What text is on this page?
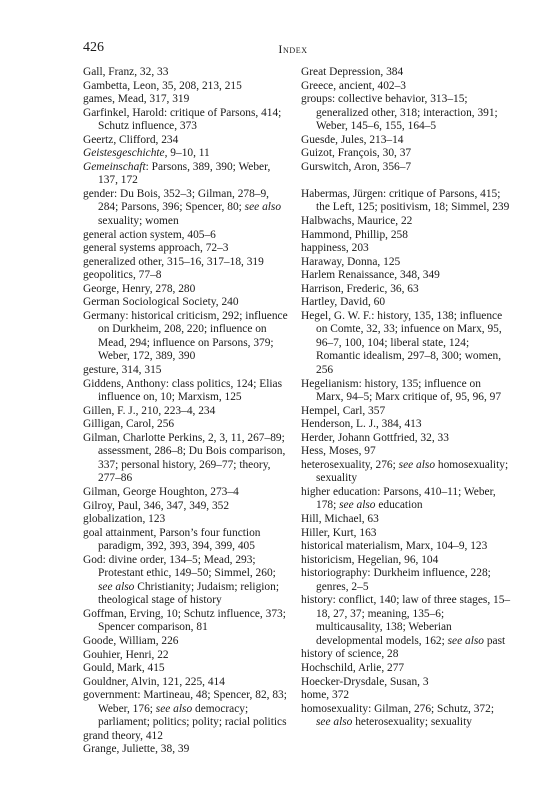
426	Index

Gall, Franz, 32, 33

Gambetta, Leon, 35, 208, 213, 215

games, Mead, 317, 319

Garfinkel, Harold: critique of Parsons, 414; Schutz influence, 373

Geertz, Clifford, 234

Geistesgeschichte, 9–10, 11

Gemeinschaft: Parsons, 389, 390; Weber, 137, 172

gender: Du Bois, 352–3; Gilman, 278–9, 284; Parsons, 396; Spencer, 80; see also sexuality; women

general action system, 405–6

general systems approach, 72–3

generalized other, 315–16, 317–18, 319

geopolitics, 77–8

George, Henry, 278, 280

German Sociological Society, 240

Germany: historical criticism, 292; influence on Durkheim, 208, 220; influence on Mead, 294; influence on Parsons, 379; Weber, 172, 389, 390

gesture, 314, 315

Giddens, Anthony: class politics, 124; Elias influence on, 10; Marxism, 125

Gillen, F. J., 210, 223–4, 234

Gilligan, Carol, 256

Gilman, Charlotte Perkins, 2, 3, 11, 267–89; assessment, 286–8; Du Bois comparison, 337; personal history, 269–77; theory, 277–86

Gilman, George Houghton, 273–4

Gilroy, Paul, 346, 347, 349, 352

globalization, 123

goal attainment, Parson’s four function paradigm, 392, 393, 394, 399, 405

God: divine order, 134–5; Mead, 293; Protestant ethic, 149–50; Simmel, 260; see also Christianity; Judaism; religion; theological stage of history

Goffman, Erving, 10; Schutz influence, 373; Spencer comparison, 81

Goode, William, 226

Gouhier, Henri, 22

Gould, Mark, 415

Gouldner, Alvin, 121, 225, 414

government: Martineau, 48; Spencer, 82, 83; Weber, 176; see also democracy; parliament; politics; polity; racial politics

grand theory, 412

Grange, Juliette, 38, 39

Great Depression, 384

Greece, ancient, 402–3

groups: collective behavior, 313–15; generalized other, 318; interaction, 391; Weber, 145–6, 155, 164–5

Guesde, Jules, 213–14

Guizot, François, 30, 37

Gurswitch, Aron, 356–7

Habermas, Jürgen: critique of Parsons, 415; the Left, 125; positivism, 18; Simmel, 239

Halbwachs, Maurice, 22

Hammond, Phillip, 258

happiness, 203

Haraway, Donna, 125

Harlem Renaissance, 348, 349

Harrison, Frederic, 36, 63

Hartley, David, 60

Hegel, G. W. F.: history, 135, 138; influence on Comte, 32, 33; infuence on Marx, 95, 96–7, 100, 104; liberal state, 124; Romantic idealism, 297–8, 300; women, 256

Hegelianism: history, 135; influence on Marx, 94–5; Marx critique of, 95, 96, 97

Hempel, Carl, 357

Henderson, L. J., 384, 413

Herder, Johann Gottfried, 32, 33

Hess, Moses, 97

heterosexuality, 276; see also homosexuality; sexuality

higher education: Parsons, 410–11; Weber, 178; see also education

Hill, Michael, 63

Hiller, Kurt, 163

historical materialism, Marx, 104–9, 123

historicism, Hegelian, 96, 104

historiography: Durkheim influence, 228; genres, 2–5

history: conflict, 140; law of three stages, 15–18, 27, 37; meaning, 135–6; multicausality, 138; Weberian developmental models, 162; see also past

history of science, 28

Hochschild, Arlie, 277

Hoecker-Drysdale, Susan, 3

home, 372

homosexuality: Gilman, 276; Schutz, 372; see also heterosexuality; sexuality
